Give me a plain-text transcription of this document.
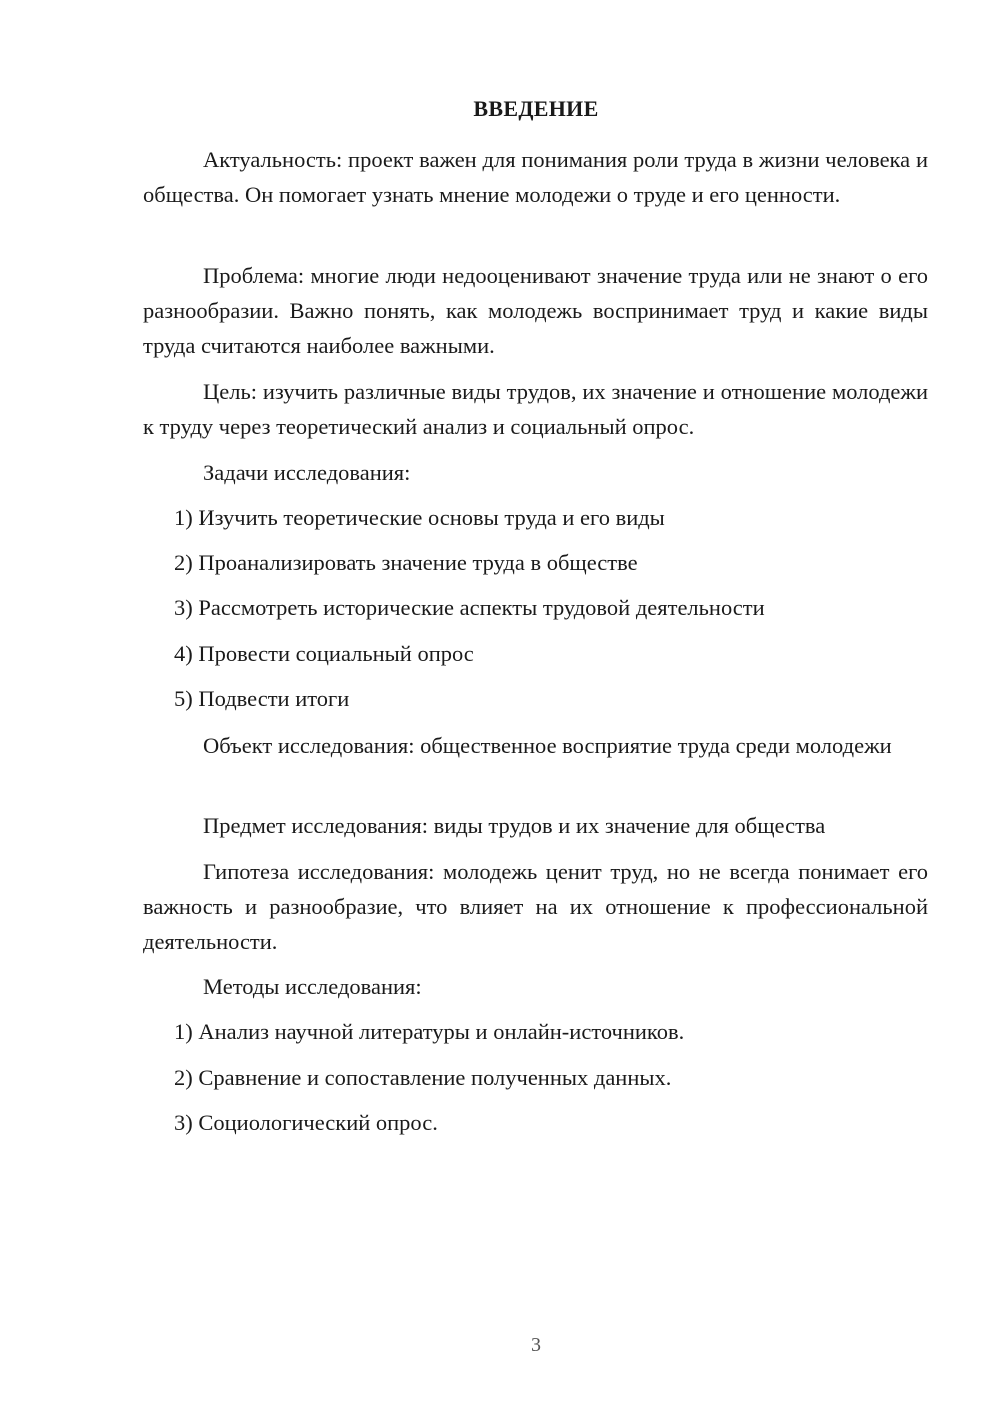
ВВЕДЕНИЕ

Актуальность: проект важен для понимания роли труда в жизни человека и общества. Он помогает узнать мнение молодежи о труде и его ценности.

Проблема: многие люди недооценивают значение труда или не знают о его разнообразии. Важно понять, как молодежь воспринимает труд и какие виды труда считаются наиболее важными.

Цель: изучить различные виды трудов, их значение и отношение молодежи к труду через теоретический анализ и социальный опрос.

Задачи исследования:

1) Изучить теоретические основы труда и его виды

2) Проанализировать значение труда в обществе

3) Рассмотреть исторические аспекты трудовой деятельности

4) Провести социальный опрос

5) Подвести итоги

Объект исследования: общественное восприятие труда среди молодежи

Предмет исследования: виды трудов и их значение для общества

Гипотеза исследования: молодежь ценит труд, но не всегда понимает его важность и разнообразие, что влияет на их отношение к профессиональной деятельности.

Методы исследования:

1) Анализ научной литературы и онлайн-источников.

2) Сравнение и сопоставление полученных данных.

3) Социологический опрос.

3
